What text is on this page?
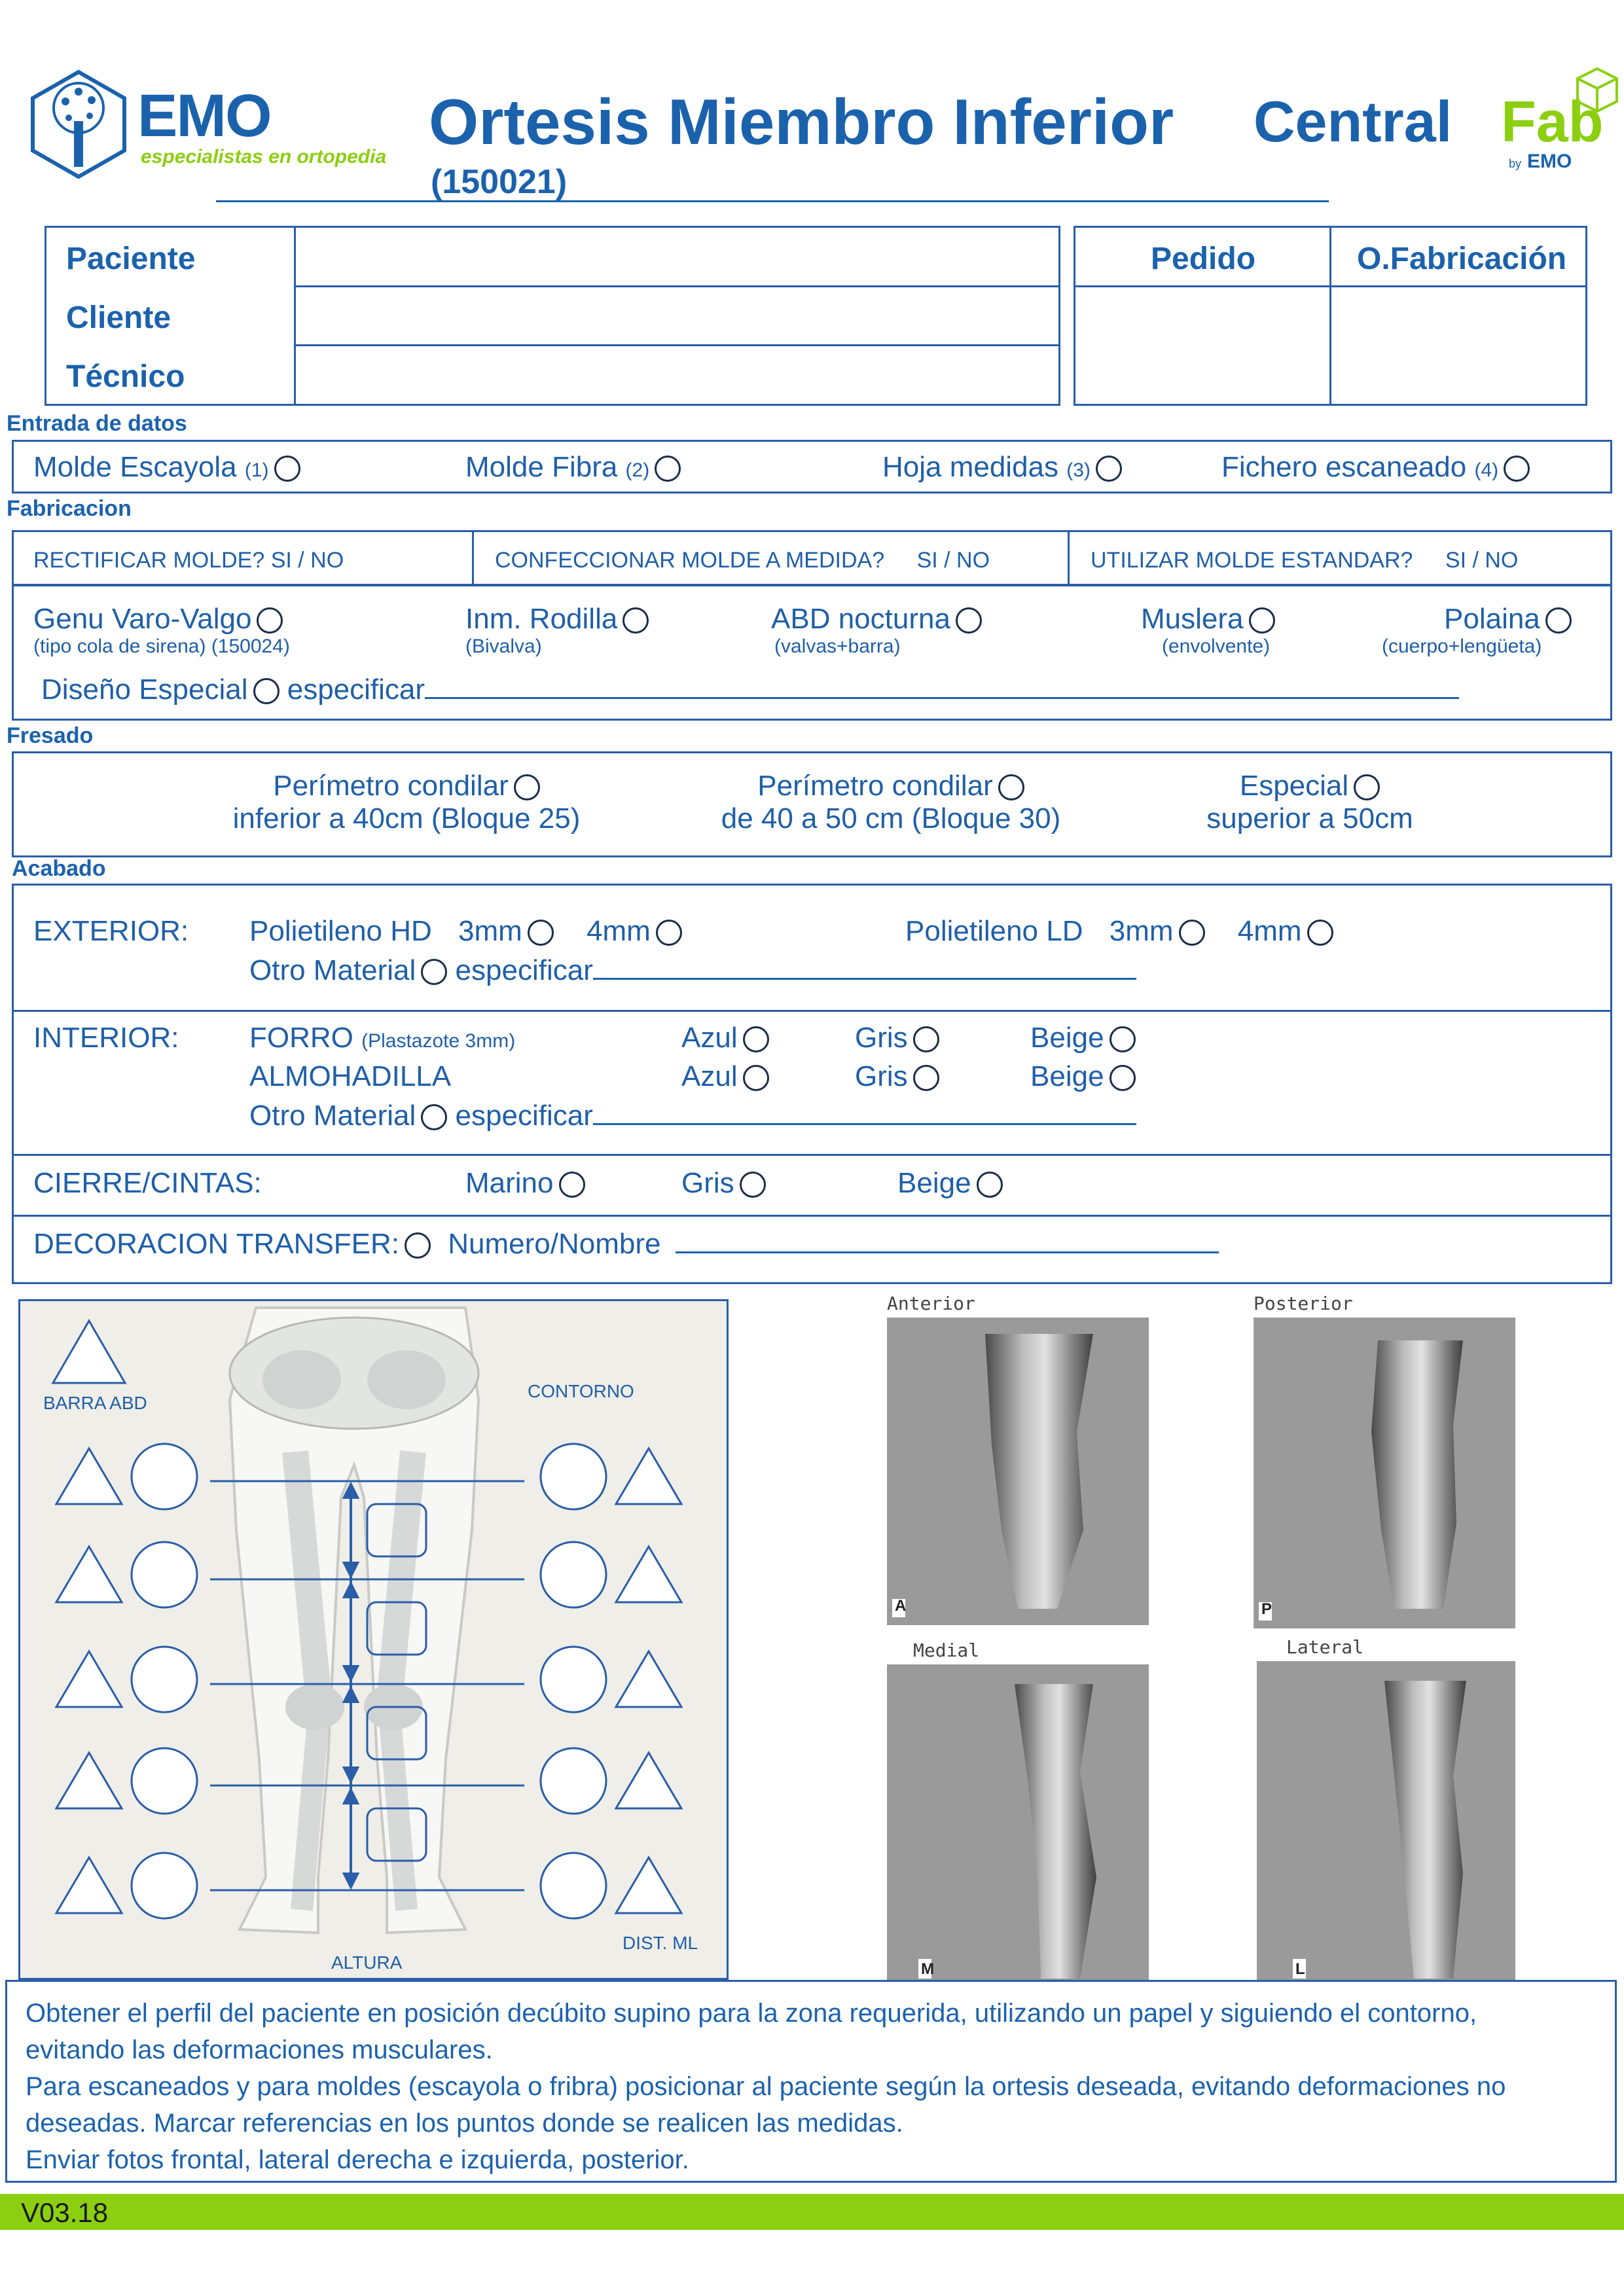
EMO
especialistas en ortopedia Ortesis Miembro Inferior
(150021)
Central Fab
by EMO
Paciente
Cliente
Técnico
Pedido	O.Fabricación
Entrada de datos
Molde Escayola (1)	Molde Fibra (2)	Hoja medidas (3)	Fichero escaneado (4)
Fabricacion
RECTIFICAR MOLDE? SI / NO	CONFECCIONAR MOLDE A MEDIDA? SI / NO	UTILIZAR MOLDE ESTANDAR? SI / NO
Genu Varo-Valgo
(tipo cola de sirena) (150024)
Inm. Rodilla
(Bivalva)
ABD nocturna
(valvas+barra)
Muslera
(envolvente)
Polaina
(cuerpo+lengüeta)
Diseño Especial especificar
Fresado
Perímetro condilar
inferior a 40cm (Bloque 25)
Perímetro condilar
de 40 a 50 cm (Bloque 30)
Especial
superior a 50cm
Acabado
EXTERIOR: Polietileno HD 3mm 4mm	Polietileno LD 3mm 4mm
Otro Material especificar
INTERIOR: FORRO (Plastazote 3mm)	Azul	Gris	Beige
ALMOHADILLA	Azul	Gris	Beige
Otro Material especificar
CIERRE/CINTAS:	Marino	Gris	Beige
DECORACION TRANSFER: Numero/Nombre
BARRA ABD
CONTORNO
ALTURA
DIST. ML
Anterior
A
Posterior
P
Medial
M
Lateral
L
Obtener el perfil del paciente en posición decúbito supino para la zona requerida, utilizando un papel y siguiendo el contorno,
evitando las deformaciones musculares.
Para escaneados y para moldes (escayola o fribra) posicionar al paciente según la ortesis deseada, evitando deformaciones no
deseadas. Marcar referencias en los puntos donde se realicen las medidas.
Enviar fotos frontal, lateral derecha e izquierda, posterior.
V03.18
